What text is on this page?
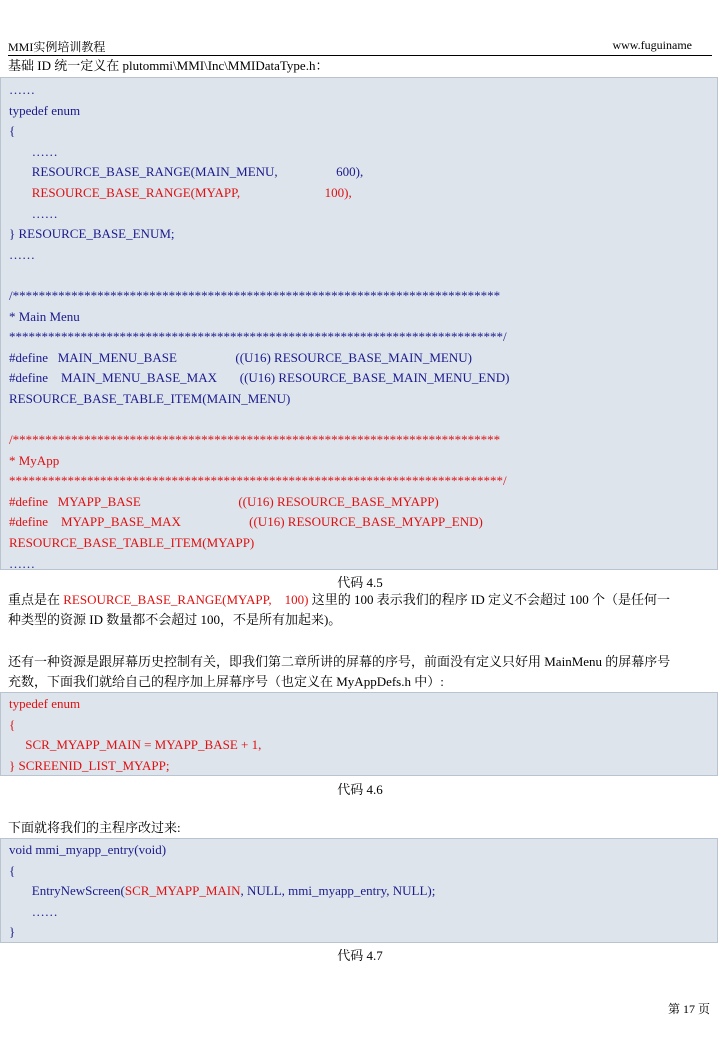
MMI实例培训教程	www.fuguiname
基础 ID 统一定义在 plutommi\MMI\Inc\MMIDataType.h：
……
typedef enum
{
……
RESOURCE_BASE_RANGE(MAIN_MENU,                  600),
RESOURCE_BASE_RANGE(MYAPP,                          100),
……
} RESOURCE_BASE_ENUM;
……
/***************************************************************************
* Main Menu
****************************************************************************/
#define   MAIN_MENU_BASE                  ((U16) RESOURCE_BASE_MAIN_MENU)
#define    MAIN_MENU_BASE_MAX       ((U16) RESOURCE_BASE_MAIN_MENU_END)
RESOURCE_BASE_TABLE_ITEM(MAIN_MENU)
/***************************************************************************
* MyApp
****************************************************************************/
#define   MYAPP_BASE                              ((U16) RESOURCE_BASE_MYAPP)
#define    MYAPP_BASE_MAX                     ((U16) RESOURCE_BASE_MYAPP_END)
RESOURCE_BASE_TABLE_ITEM(MYAPP)
……
代码 4.5
重点是在 RESOURCE_BASE_RANGE(MYAPP,    100) 这里的 100 表示我们的程序 ID 定义不会超过 100 个（是任何一
种类型的资源 ID 数量都不会超过 100，不是所有加起来)。
还有一种资源是跟屏幕历史控制有关，即我们第二章所讲的屏幕的序号，前面没有定义只好用 MainMenu 的屏幕序号
充数，下面我们就给自己的程序加上屏幕序号（也定义在 MyAppDefs.h 中）:
typedef enum
{
SCR_MYAPP_MAIN = MYAPP_BASE + 1,
} SCREENID_LIST_MYAPP;
代码 4.6
下面就将我们的主程序改过来:
void mmi_myapp_entry(void)
{
EntryNewScreen(SCR_MYAPP_MAIN, NULL, mmi_myapp_entry, NULL);
……
}
代码 4.7
第 17 页
